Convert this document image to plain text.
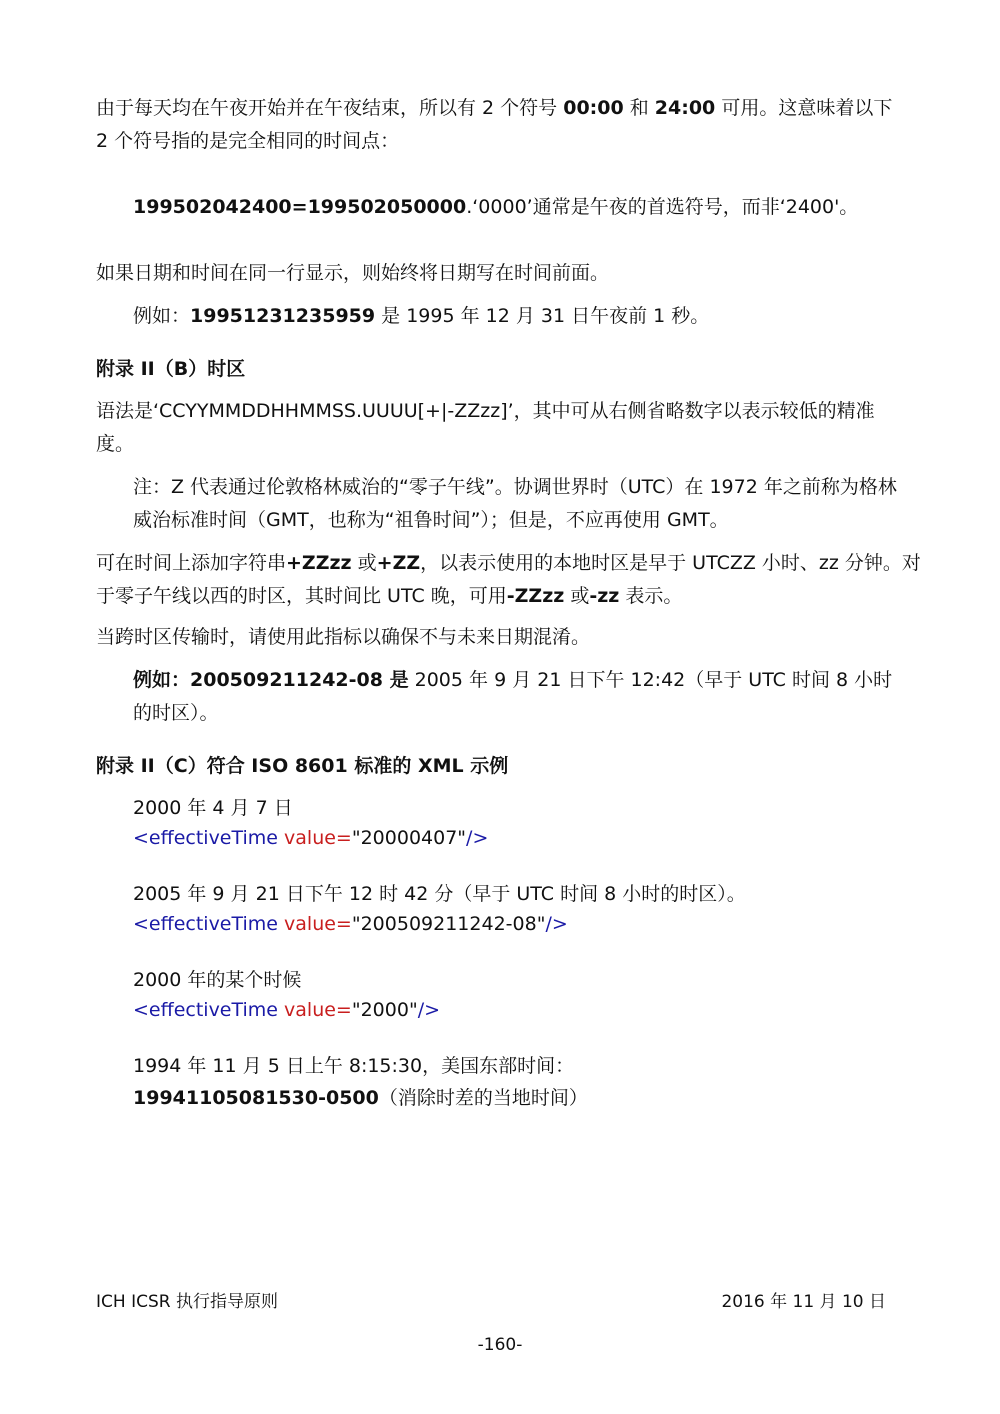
由于每天均在午夜开始并在午夜结束，所以有 2 个符号 00:00 和 24:00 可用。这意味着以下 2 个符号指的是完全相同的时间点：

199502042400=199502050000.‘0000’通常是午夜的首选符号，而非‘2400'。

如果日期和时间在同一行显示，则始终将日期写在时间前面。

例如：19951231235959 是 1995 年 12 月 31 日午夜前 1 秒。

附录 II（B）时区

语法是‘CCYYMMDDHHMMSS.UUUU[+|-ZZzz]’，其中可从右侧省略数字以表示较低的精准度。

注：Z 代表通过伦敦格林威治的“零子午线”。协调世界时（UTC）在 1972 年之前称为格林威治标准时间（GMT，也称为“祖鲁时间”）；但是，不应再使用 GMT。

可在时间上添加字符串+ZZzz 或+ZZ，以表示使用的本地时区是早于 UTCZZ 小时、zz 分钟。对于零子午线以西的时区，其时间比 UTC 晚，可用-ZZzz 或-zz 表示。

当跨时区传输时，请使用此指标以确保不与未来日期混淆。

例如：200509211242-08 是 2005 年 9 月 21 日下午 12:42（早于 UTC 时间 8 小时的时区）。

附录 II（C）符合 ISO 8601 标准的 XML 示例

2000 年 4 月 7 日

<effectiveTime value="20000407"/>

2005 年 9 月 21 日下午 12 时 42 分（早于 UTC 时间 8 小时的时区）。

<effectiveTime value="200509211242-08"/>

2000 年的某个时候

<effectiveTime value="2000"/>

1994 年 11 月 5 日上午 8:15:30，美国东部时间：

19941105081530-0500（消除时差的当地时间）

ICH ICSR 执行指导原则	2016 年 11 月 10 日
-160-
